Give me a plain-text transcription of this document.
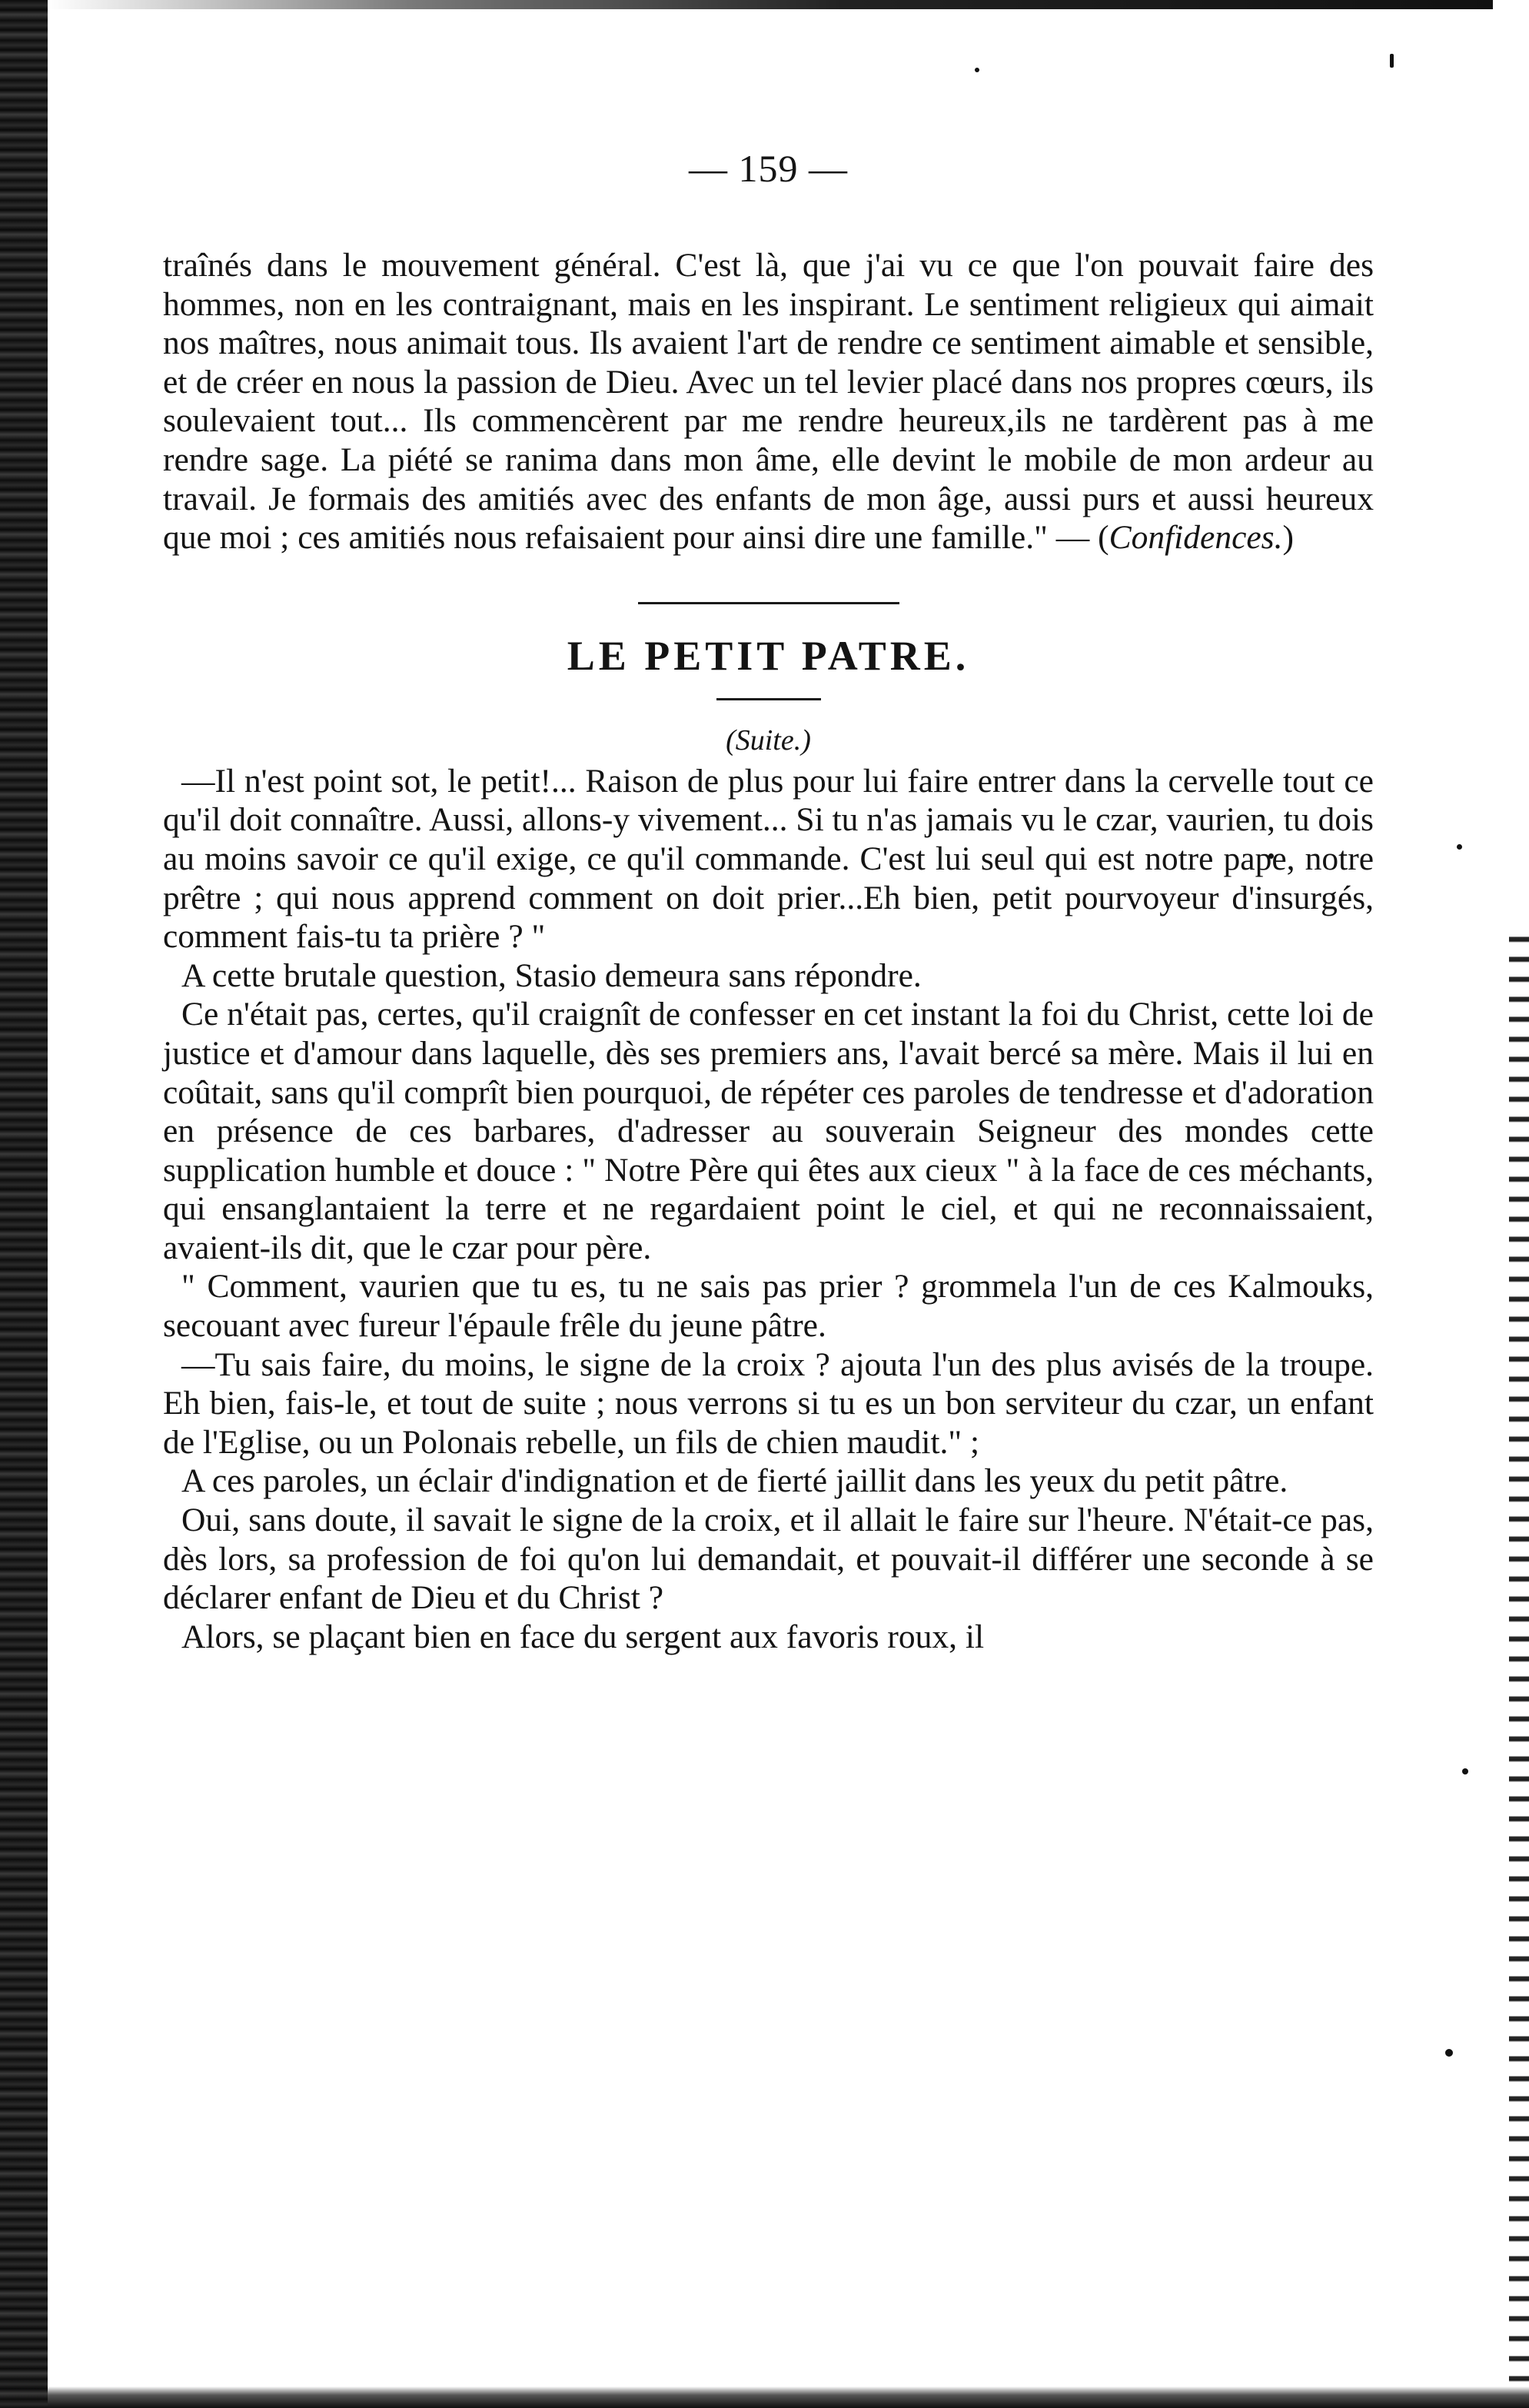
— 159 —

traînés dans le mouvement général. C'est là, que j'ai vu ce que l'on pouvait faire des hommes, non en les contraignant, mais en les inspirant. Le sentiment religieux qui aimait nos maîtres, nous animait tous. Ils avaient l'art de rendre ce sentiment aimable et sensible, et de créer en nous la passion de Dieu. Avec un tel levier placé dans nos propres cœurs, ils soulevaient tout... Ils commencèrent par me rendre heureux,ils ne tardèrent pas à me rendre sage. La piété se ranima dans mon âme, elle devint le mobile de mon ardeur au travail. Je formais des amitiés avec des enfants de mon âge, aussi purs et aussi heureux que moi ; ces amitiés nous refaisaient pour ainsi dire une famille." — (Confidences.)

LE PETIT PATRE.
(Suite.)

—Il n'est point sot, le petit!... Raison de plus pour lui faire entrer dans la cervelle tout ce qu'il doit connaître. Aussi, allons-y vivement... Si tu n'as jamais vu le czar, vaurien, tu dois au moins savoir ce qu'il exige, ce qu'il commande. C'est lui seul qui est notre pape, notre prêtre ; qui nous apprend comment on doit prier...Eh bien, petit pourvoyeur d'insurgés, comment fais-tu ta prière ? "

A cette brutale question, Stasio demeura sans répondre.

Ce n'était pas, certes, qu'il craignît de confesser en cet instant la foi du Christ, cette loi de justice et d'amour dans laquelle, dès ses premiers ans, l'avait bercé sa mère. Mais il lui en coûtait, sans qu'il comprît bien pourquoi, de répéter ces paroles de tendresse et d'adoration en présence de ces barbares, d'adresser au souverain Seigneur des mondes cette supplication humble et douce : " Notre Père qui êtes aux cieux " à la face de ces méchants, qui ensanglantaient la terre et ne regardaient point le ciel, et qui ne reconnaissaient, avaient-ils dit, que le czar pour père.

" Comment, vaurien que tu es, tu ne sais pas prier ? grommela l'un de ces Kalmouks, secouant avec fureur l'épaule frêle du jeune pâtre.

—Tu sais faire, du moins, le signe de la croix ? ajouta l'un des plus avisés de la troupe. Eh bien, fais-le, et tout de suite ; nous verrons si tu es un bon serviteur du czar, un enfant de l'Eglise, ou un Polonais rebelle, un fils de chien maudit." ;

A ces paroles, un éclair d'indignation et de fierté jaillit dans les yeux du petit pâtre.

Oui, sans doute, il savait le signe de la croix, et il allait le faire sur l'heure. N'était-ce pas, dès lors, sa profession de foi qu'on lui demandait, et pouvait-il différer une seconde à se déclarer enfant de Dieu et du Christ ?

Alors, se plaçant bien en face du sergent aux favoris roux, il
